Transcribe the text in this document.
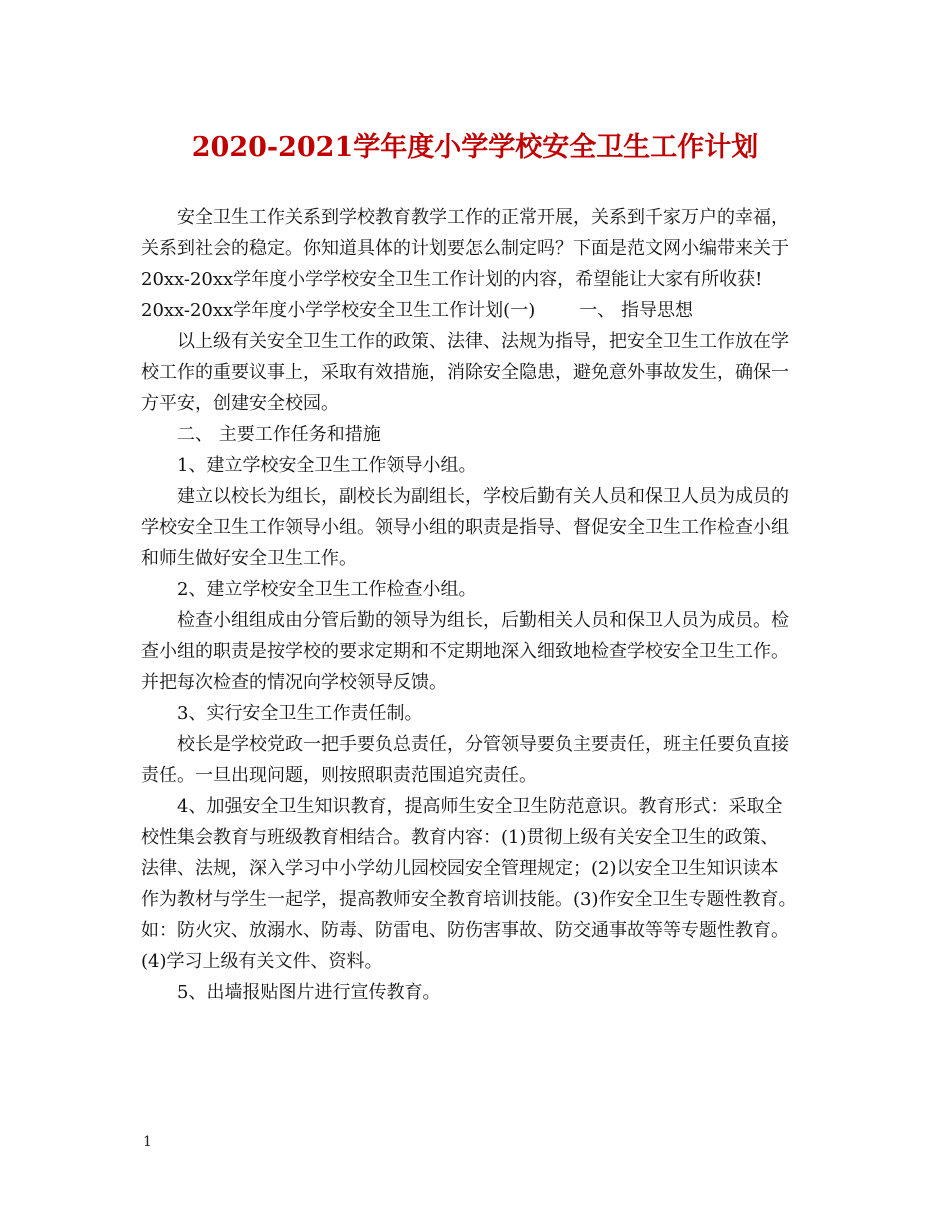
2020-2021学年度小学学校安全卫生工作计划

安全卫生工作关系到学校教育教学工作的正常开展，关系到千家万户的幸福，

关系到社会的稳定。你知道具体的计划要怎么制定吗？下面是范文网小编带来关于

20xx-20xx学年度小学学校安全卫生工作计划的内容，希望能让大家有所收获!

20xx-20xx学年度小学学校安全卫生工作计划(一) 一、 指导思想

以上级有关安全卫生工作的政策、法律、法规为指导，把安全卫生工作放在学

校工作的重要议事上，采取有效措施，消除安全隐患，避免意外事故发生，确保一

方平安，创建安全校园。

二、 主要工作任务和措施

1、建立学校安全卫生工作领导小组。

建立以校长为组长，副校长为副组长，学校后勤有关人员和保卫人员为成员的

学校安全卫生工作领导小组。领导小组的职责是指导、督促安全卫生工作检查小组

和师生做好安全卫生工作。

2、建立学校安全卫生工作检查小组。

检查小组组成由分管后勤的领导为组长，后勤相关人员和保卫人员为成员。检

查小组的职责是按学校的要求定期和不定期地深入细致地检查学校安全卫生工作。

并把每次检查的情况向学校领导反馈。

3、实行安全卫生工作责任制。

校长是学校党政一把手要负总责任，分管领导要负主要责任，班主任要负直接

责任。一旦出现问题，则按照职责范围追究责任。

4、加强安全卫生知识教育，提高师生安全卫生防范意识。教育形式：采取全

校性集会教育与班级教育相结合。教育内容：(1)贯彻上级有关安全卫生的政策、

法律、法规，深入学习中小学幼儿园校园安全管理规定；(2)以安全卫生知识读本

作为教材与学生一起学，提高教师安全教育培训技能。(3)作安全卫生专题性教育。

如：防火灾、放溺水、防毒、防雷电、防伤害事故、防交通事故等等专题性教育。

(4)学习上级有关文件、资料。

5、出墙报贴图片进行宣传教育。

1
